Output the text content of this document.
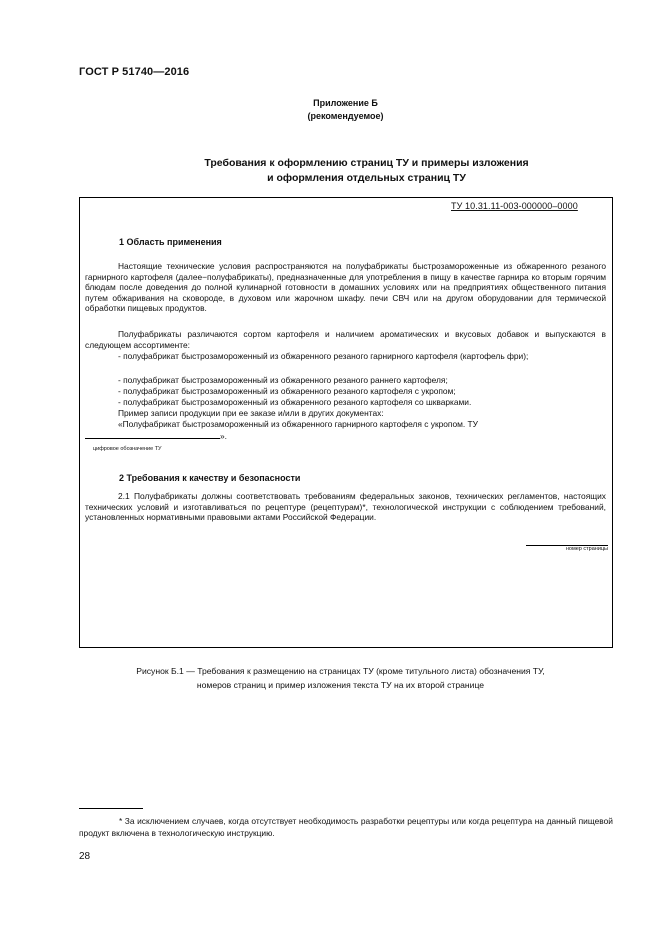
ГОСТ Р 51740—2016
Приложение Б
(рекомендуемое)
Требования к оформлению страниц ТУ и примеры изложения
и оформления отдельных страниц ТУ
ТУ 10.31.11-003-000000–0000
1 Область применения
Настоящие технические условия распространяются на полуфабрикаты быстрозамороженные из обжаренного резаного гарнирного картофеля (далее−полуфабрикаты), предназначенные для употребления в пищу в качестве гарнира ко вторым горячим блюдам после доведения до полной кулинарной готовности в домашних условиях или на предприятиях общественного питания путем обжаривания на сковороде, в духовом или жарочном шкафу. печи СВЧ или на другом оборудовании для термической обработки пищевых продуктов.
Полуфабрикаты различаются сортом картофеля и наличием ароматических и вкусовых добавок и выпускаются в следующем ассортименте:
- полуфабрикат быстрозамороженный из обжаренного резаного гарнирного картофеля (картофель фри);
- полуфабрикат быстрозамороженный из обжаренного резаного раннего картофеля;
- полуфабрикат быстрозамороженный из обжаренного резаного картофеля с укропом;
- полуфабрикат быстрозамороженный из обжаренного резаного картофеля со шкварками.
Пример записи продукции при ее заказе и/или в других документах:
«Полуфабрикат быстрозамороженный из обжаренного гарнирного картофеля с укропом. ТУ
».
цифровое обозначение ТУ
2 Требования к качеству и безопасности
2.1 Полуфабрикаты должны соответствовать требованиям федеральных законов, технических регламентов, настоящих технических условий и изготавливаться по рецептуре (рецептурам)*, технологической инструкции с соблюдением требований, установленных нормативными правовыми актами Российской Федерации.
номер страницы
Рисунок Б.1 — Требования к размещению на страницах ТУ (кроме титульного листа) обозначения ТУ,
номеров страниц и пример изложения текста ТУ на их второй странице
* За исключением случаев, когда отсутствует необходимость разработки рецептуры или когда рецептура на данный пищевой продукт включена в технологическую инструкцию.
28
